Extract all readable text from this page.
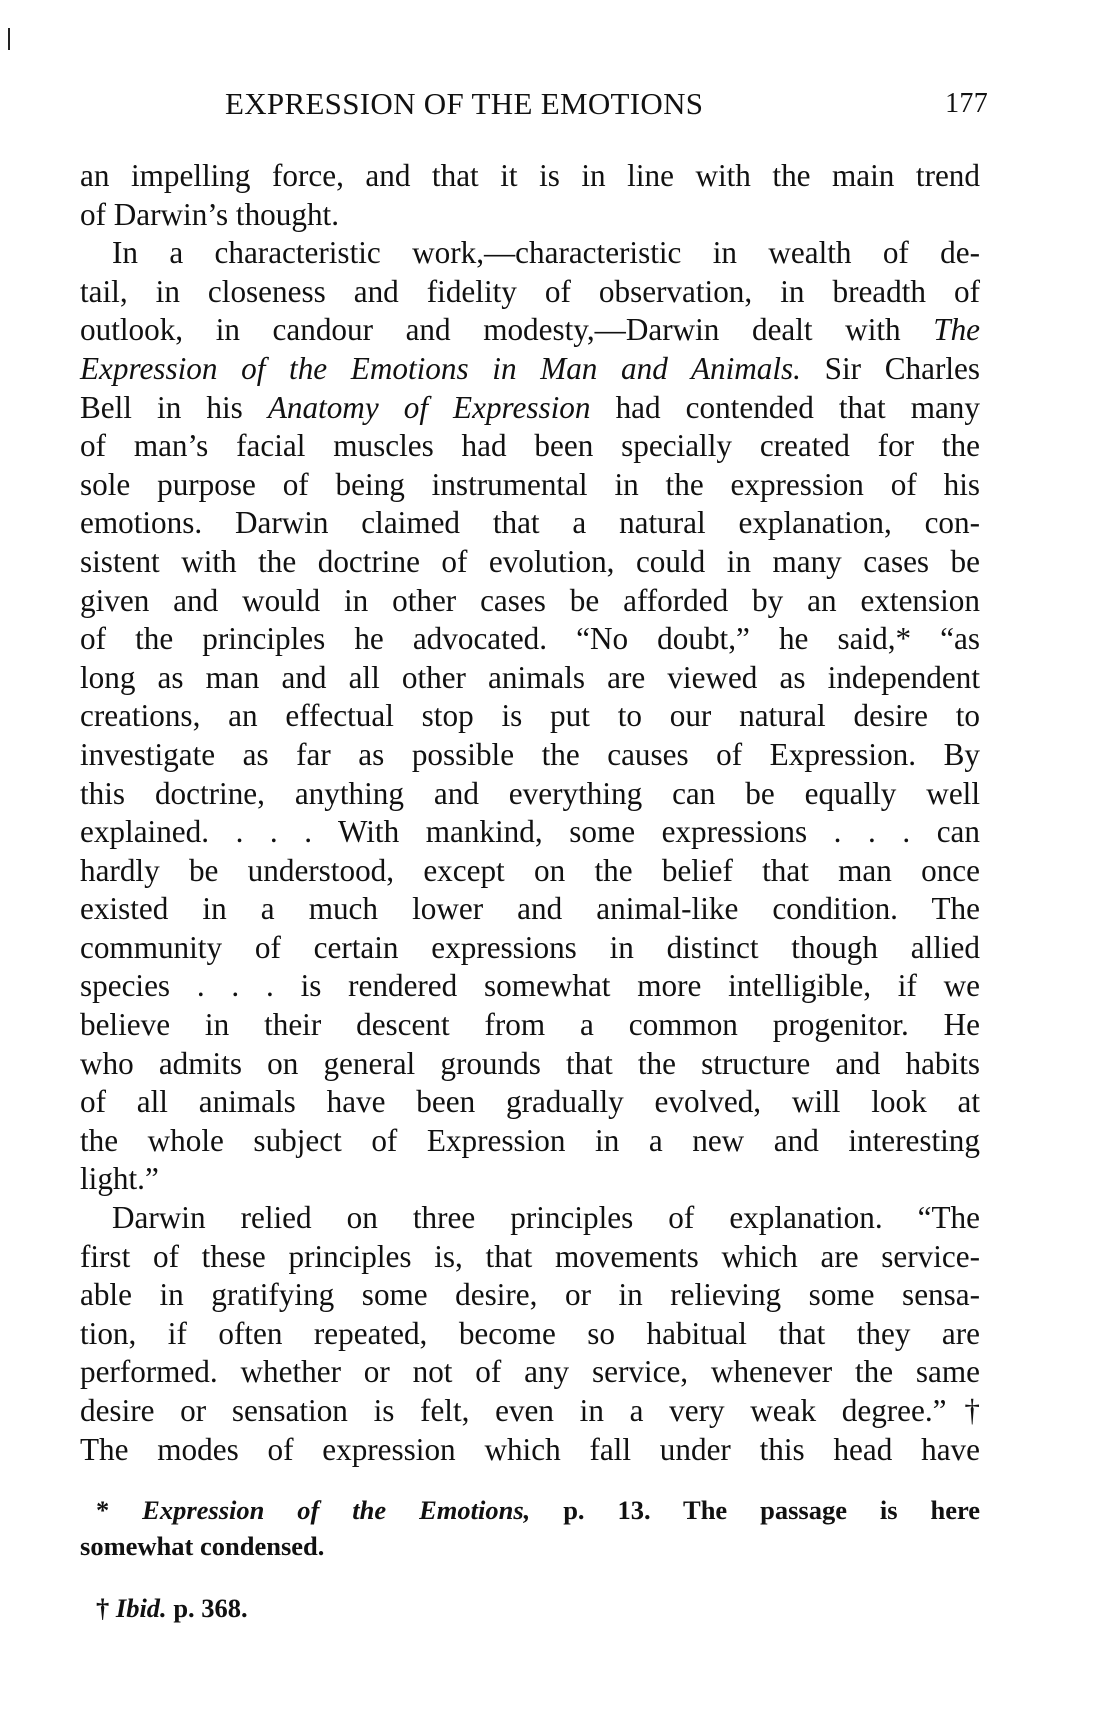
EXPRESSION OF THE EMOTIONS	177
an impelling force, and that it is in line with the main trend
of Darwin’s thought.
In a characteristic work,—characteristic in wealth of de-
tail, in closeness and fidelity of observation, in breadth of
outlook, in candour and modesty,—Darwin dealt with The
Expression of the Emotions in Man and Animals. Sir Charles
Bell in his Anatomy of Expression had contended that many
of man’s facial muscles had been specially created for the
sole purpose of being instrumental in the expression of his
emotions. Darwin claimed that a natural explanation, con-
sistent with the doctrine of evolution, could in many cases be
given and would in other cases be afforded by an extension
of the principles he advocated. “No doubt,” he said,* “as
long as man and all other animals are viewed as independent
creations, an effectual stop is put to our natural desire to
investigate as far as possible the causes of Expression. By
this doctrine, anything and everything can be equally well
explained. . . . With mankind, some expressions . . . can
hardly be understood, except on the belief that man once
existed in a much lower and animal-like condition. The
community of certain expressions in distinct though allied
species . . . is rendered somewhat more intelligible, if we
believe in their descent from a common progenitor. He
who admits on general grounds that the structure and habits
of all animals have been gradually evolved, will look at
the whole subject of Expression in a new and interesting
light.”
Darwin relied on three principles of explanation. “The
first of these principles is, that movements which are service-
able in gratifying some desire, or in relieving some sensa-
tion, if often repeated, become so habitual that they are
performed. whether or not of any service, whenever the same
desire or sensation is felt, even in a very weak degree.”†
The modes of expression which fall under this head have
* Expression of the Emotions, p. 13. The passage is here
somewhat condensed.
† Ibid. p. 368.
